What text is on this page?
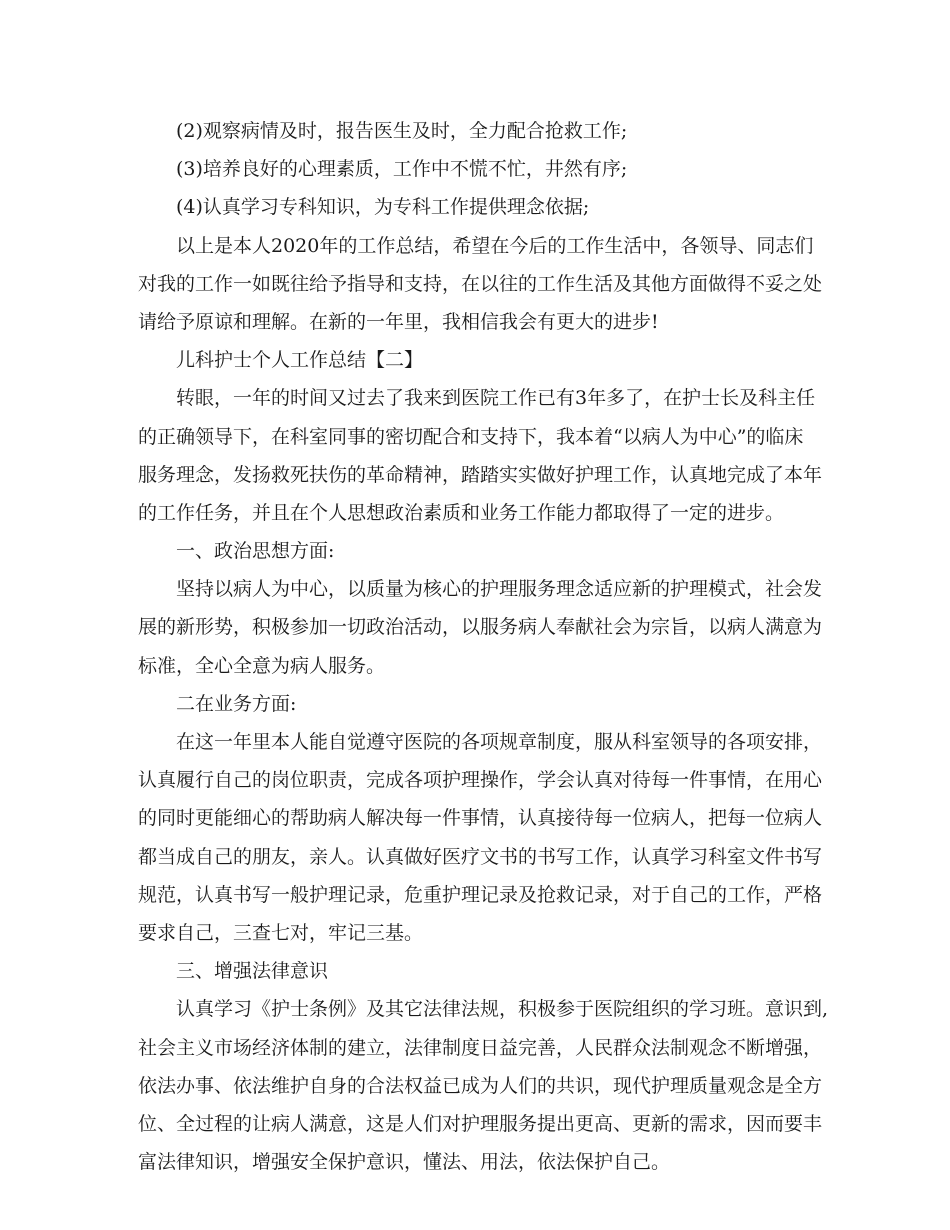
(2)观察病情及时，报告医生及时，全力配合抢救工作;
(3)培养良好的心理素质，工作中不慌不忙，井然有序;
(4)认真学习专科知识，为专科工作提供理念依据;
以上是本人2020年的工作总结，希望在今后的工作生活中，各领导、同志们
对我的工作一如既往给予指导和支持，在以往的工作生活及其他方面做得不妥之处
请给予原谅和理解。在新的一年里，我相信我会有更大的进步!
儿科护士个人工作总结【二】
转眼，一年的时间又过去了我来到医院工作已有3年多了，在护士长及科主任
的正确领导下，在科室同事的密切配合和支持下，我本着“以病人为中心”的临床
服务理念，发扬救死扶伤的革命精神，踏踏实实做好护理工作，认真地完成了本年
的工作任务，并且在个人思想政治素质和业务工作能力都取得了一定的进步。
一、政治思想方面:
坚持以病人为中心，以质量为核心的护理服务理念适应新的护理模式，社会发
展的新形势，积极参加一切政治活动，以服务病人奉献社会为宗旨，以病人满意为
标准，全心全意为病人服务。
二在业务方面:
在这一年里本人能自觉遵守医院的各项规章制度，服从科室领导的各项安排，
认真履行自己的岗位职责，完成各项护理操作，学会认真对待每一件事情，在用心
的同时更能细心的帮助病人解决每一件事情，认真接待每一位病人，把每一位病人
都当成自己的朋友，亲人。认真做好医疗文书的书写工作，认真学习科室文件书写
规范，认真书写一般护理记录，危重护理记录及抢救记录，对于自己的工作，严格
要求自己，三查七对，牢记三基。
三、增强法律意识
认真学习《护士条例》及其它法律法规，积极参于医院组织的学习班。意识到,
社会主义市场经济体制的建立，法律制度日益完善，人民群众法制观念不断增强，
依法办事、依法维护自身的合法权益已成为人们的共识，现代护理质量观念是全方
位、全过程的让病人满意，这是人们对护理服务提出更高、更新的需求，因而要丰
富法律知识，增强安全保护意识，懂法、用法，依法保护自己。
